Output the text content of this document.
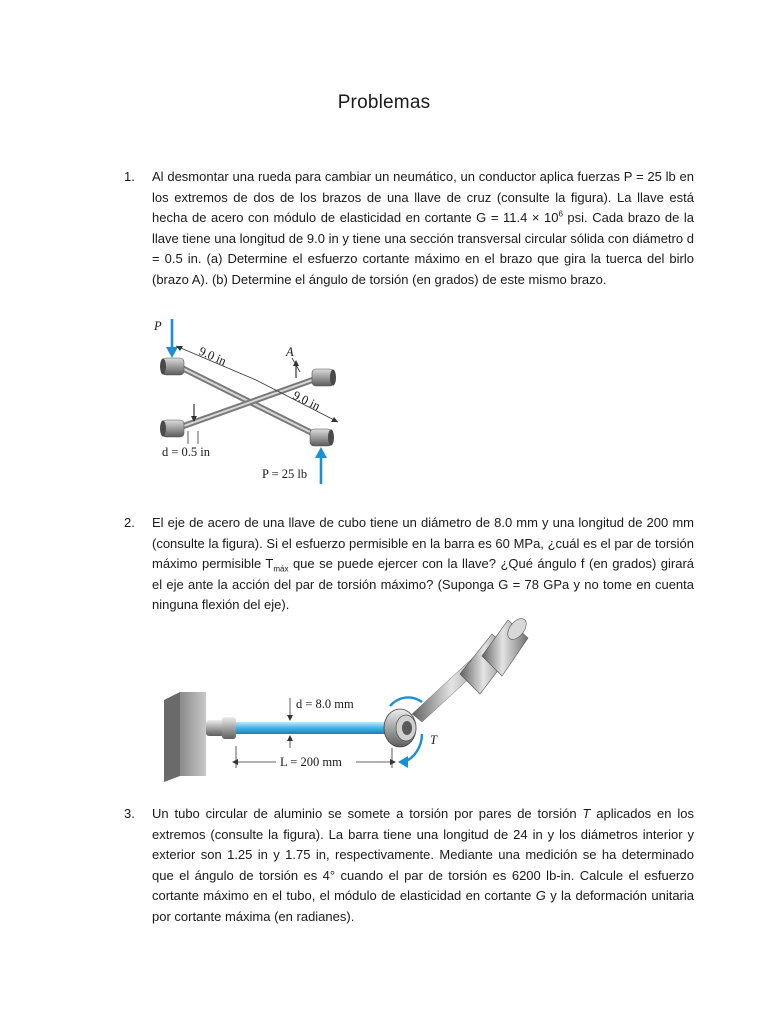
Problemas
1. Al desmontar una rueda para cambiar un neumático, un conductor aplica fuerzas P = 25 lb en los extremos de dos de los brazos de una llave de cruz (consulte la figura). La llave está hecha de acero con módulo de elasticidad en cortante $G = 11.4 \times 10^6$ psi. Cada brazo de la llave tiene una longitud de 9.0 in y tiene una sección transversal circular sólida con diámetro d = 0.5 in. (a) Determine el esfuerzo cortante máximo en el brazo que gira la tuerca del birlo (brazo A). (b) Determine el ángulo de torsión (en grados) de este mismo brazo.
P
9.0 in	A
9.0 in
d = 0.5 in
P = 25 lb
2. El eje de acero de una llave de cubo tiene un diámetro de 8.0 mm y una longitud de 200 mm (consulte la figura). Si el esfuerzo permisible en la barra es 60 MPa, ¿cuál es el par de torsión máximo permisible $T_{máx}$ que se puede ejercer con la llave? ¿Qué ángulo f (en grados) girará el eje ante la acción del par de torsión máximo? (Suponga G = 78 GPa y no tome en cuenta ninguna flexión del eje).
d = 8.0 mm
L = 200 mm
T
3. Un tubo circular de aluminio se somete a torsión por pares de torsión T aplicados en los extremos (consulte la figura). La barra tiene una longitud de 24 in y los diámetros interior y exterior son 1.25 in y 1.75 in, respectivamente. Mediante una medición se ha determinado que el ángulo de torsión es 4° cuando el par de torsión es 6200 lb-in. Calcule el esfuerzo cortante máximo en el tubo, el módulo de elasticidad en cortante G y la deformación unitaria por cortante máxima (en radianes).
